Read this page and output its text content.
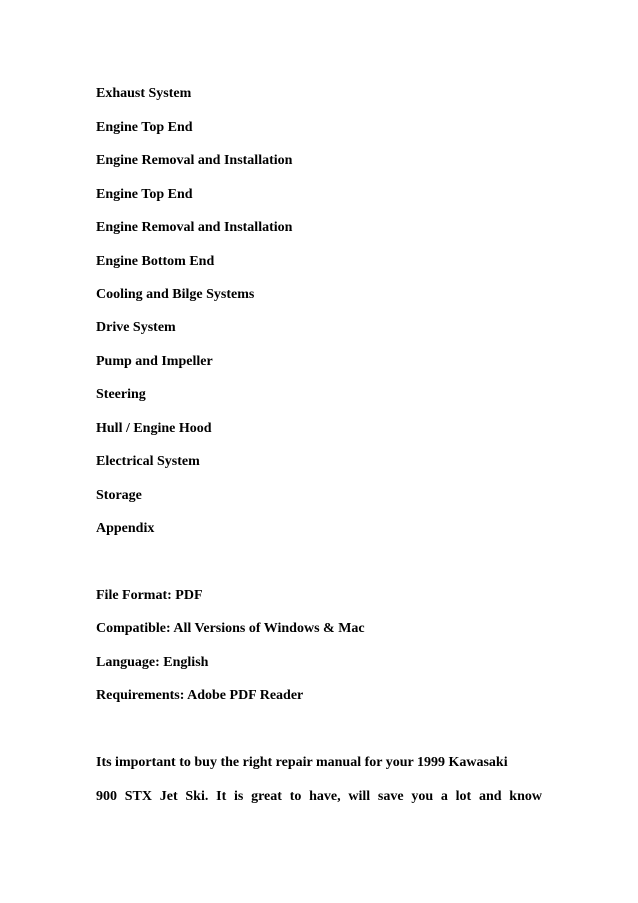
Exhaust System
Engine Top End
Engine Removal and Installation
Engine Top End
Engine Removal and Installation
Engine Bottom End
Cooling and Bilge Systems
Drive System
Pump and Impeller
Steering
Hull / Engine Hood
Electrical System
Storage
Appendix
File Format: PDF
Compatible: All Versions of Windows & Mac
Language: English
Requirements: Adobe PDF Reader
Its important to buy the right repair manual for your 1999 Kawasaki
900 STX Jet Ski. It is great to have, will save you a lot and know
